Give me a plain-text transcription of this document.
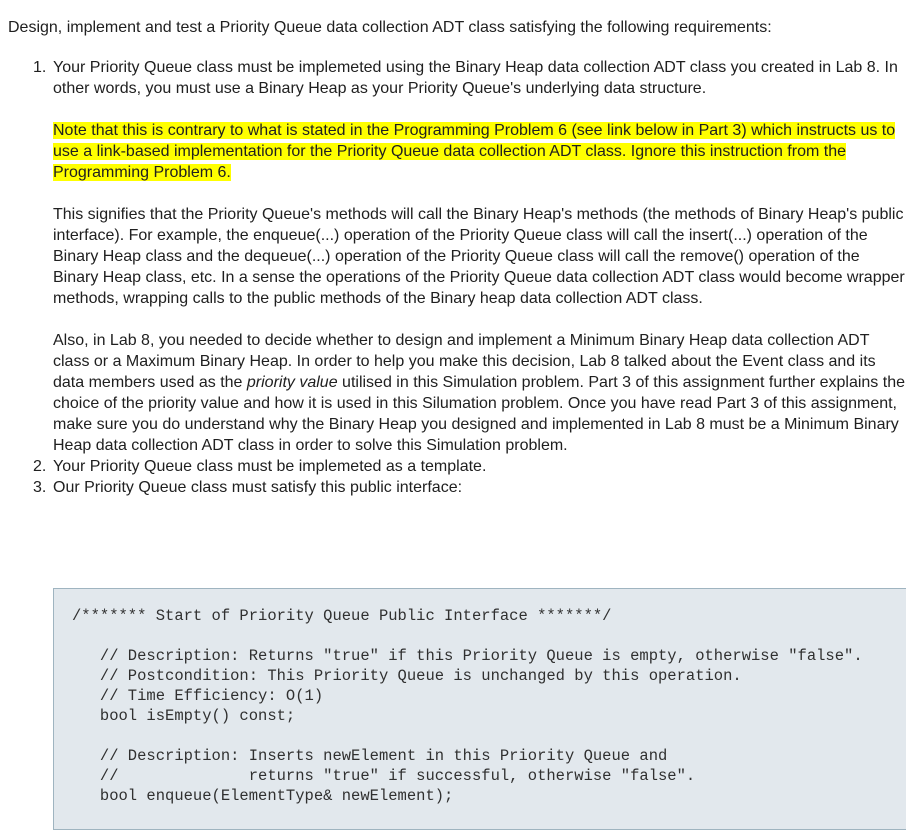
Design, implement and test a Priority Queue data collection ADT class satisfying the following requirements:

1. Your Priority Queue class must be implemeted using the Binary Heap data collection ADT class you created in Lab 8. In other words, you must use a Binary Heap as your Priority Queue's underlying data structure.

Note that this is contrary to what is stated in the Programming Problem 6 (see link below in Part 3) which instructs us to use a link-based implementation for the Priority Queue data collection ADT class. Ignore this instruction from the Programming Problem 6.

This signifies that the Priority Queue's methods will call the Binary Heap's methods (the methods of Binary Heap's public interface). For example, the enqueue(...) operation of the Priority Queue class will call the insert(...) operation of the Binary Heap class and the dequeue(...) operation of the Priority Queue class will call the remove() operation of the Binary Heap class, etc. In a sense the operations of the Priority Queue data collection ADT class would become wrapper methods, wrapping calls to the public methods of the Binary heap data collection ADT class.

Also, in Lab 8, you needed to decide whether to design and implement a Minimum Binary Heap data collection ADT class or a Maximum Binary Heap. In order to help you make this decision, Lab 8 talked about the Event class and its data members used as the priority value utilised in this Simulation problem. Part 3 of this assignment further explains the choice of the priority value and how it is used in this Silumation problem. Once you have read Part 3 of this assignment, make sure you do understand why the Binary Heap you designed and implemented in Lab 8 must be a Minimum Binary Heap data collection ADT class in order to solve this Simulation problem.

2. Your Priority Queue class must be implemeted as a template.

3. Our Priority Queue class must satisfy this public interface:

/******* Start of Priority Queue Public Interface *******/

// Description: Returns "true" if this Priority Queue is empty, otherwise "false".
// Postcondition: This Priority Queue is unchanged by this operation.
// Time Efficiency: O(1)
bool isEmpty() const;

// Description: Inserts newElement in this Priority Queue and
//              returns "true" if successful, otherwise "false".
bool enqueue(ElementType& newElement);
